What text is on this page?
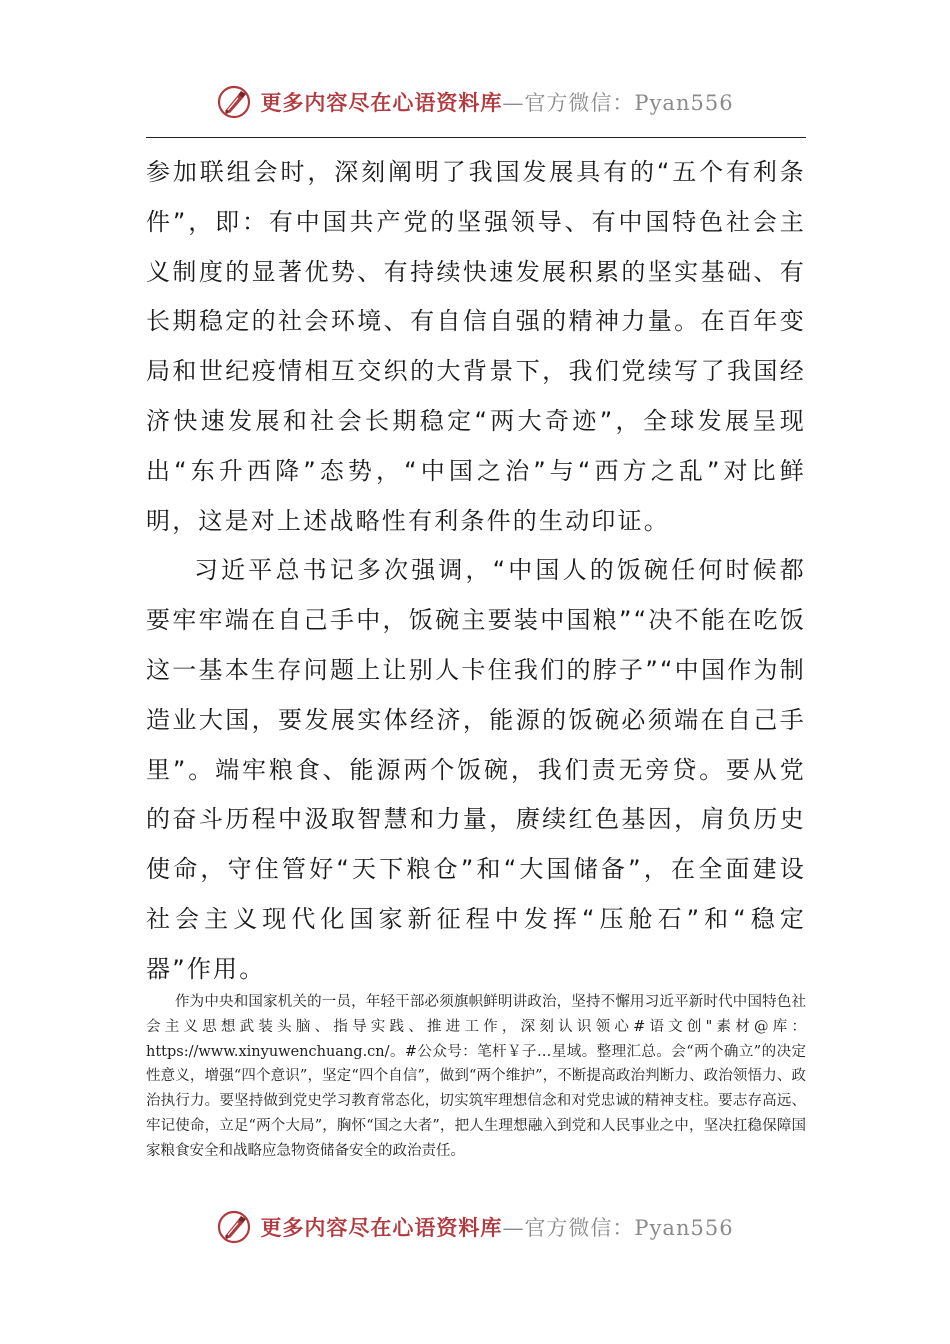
更多内容尽在心语资料库—官方微信：Pyan556

参加联组会时，深刻阐明了我国发展具有的“五个有利条件”，即：有中国共产党的坚强领导、有中国特色社会主义制度的显著优势、有持续快速发展积累的坚实基础、有长期稳定的社会环境、有自信自强的精神力量。在百年变局和世纪疫情相互交织的大背景下，我们党续写了我国经济快速发展和社会长期稳定“两大奇迹”，全球发展呈现出“东升西降”态势，“中国之治”与“西方之乱”对比鲜明，这是对上述战略性有利条件的生动印证。

习近平总书记多次强调，“中国人的饭碗任何时候都要牢牢端在自己手中，饭碗主要装中国粮”“决不能在吃饭这一基本生存问题上让别人卡住我们的脖子”“中国作为制造业大国，要发展实体经济，能源的饭碗必须端在自己手里”。端牢粮食、能源两个饭碗，我们责无旁贷。要从党的奋斗历程中汲取智慧和力量，赓续红色基因，肩负历史使命，守住管好“天下粮仓”和“大国储备”，在全面建设社会主义现代化国家新征程中发挥“压舱石”和“稳定器”作用。

作为中央和国家机关的一员，年轻干部必须旗帜鲜明讲政治，坚持不懈用习近平新时代中国特色社会主义思想武装头脑、指导实践、推进工作，深刻认识领心#语文创"素材@库：https://www.xinyuwenchuang.cn/。#公众号：笔杆￥子…星域。整理汇总。会“两个确立”的决定性意义，增强“四个意识”，坚定“四个自信”，做到“两个维护”，不断提高政治判断力、政治领悟力、政治执行力。要坚持做到党史学习教育常态化，切实筑牢理想信念和对党忠诚的精神支柱。要志存高远、牢记使命，立足“两个大局”，胸怀“国之大者”，把人生理想融入到党和人民事业之中，坚决扛稳保障国家粮食安全和战略应急物资储备安全的政治责任。

更多内容尽在心语资料库—官方微信：Pyan556
